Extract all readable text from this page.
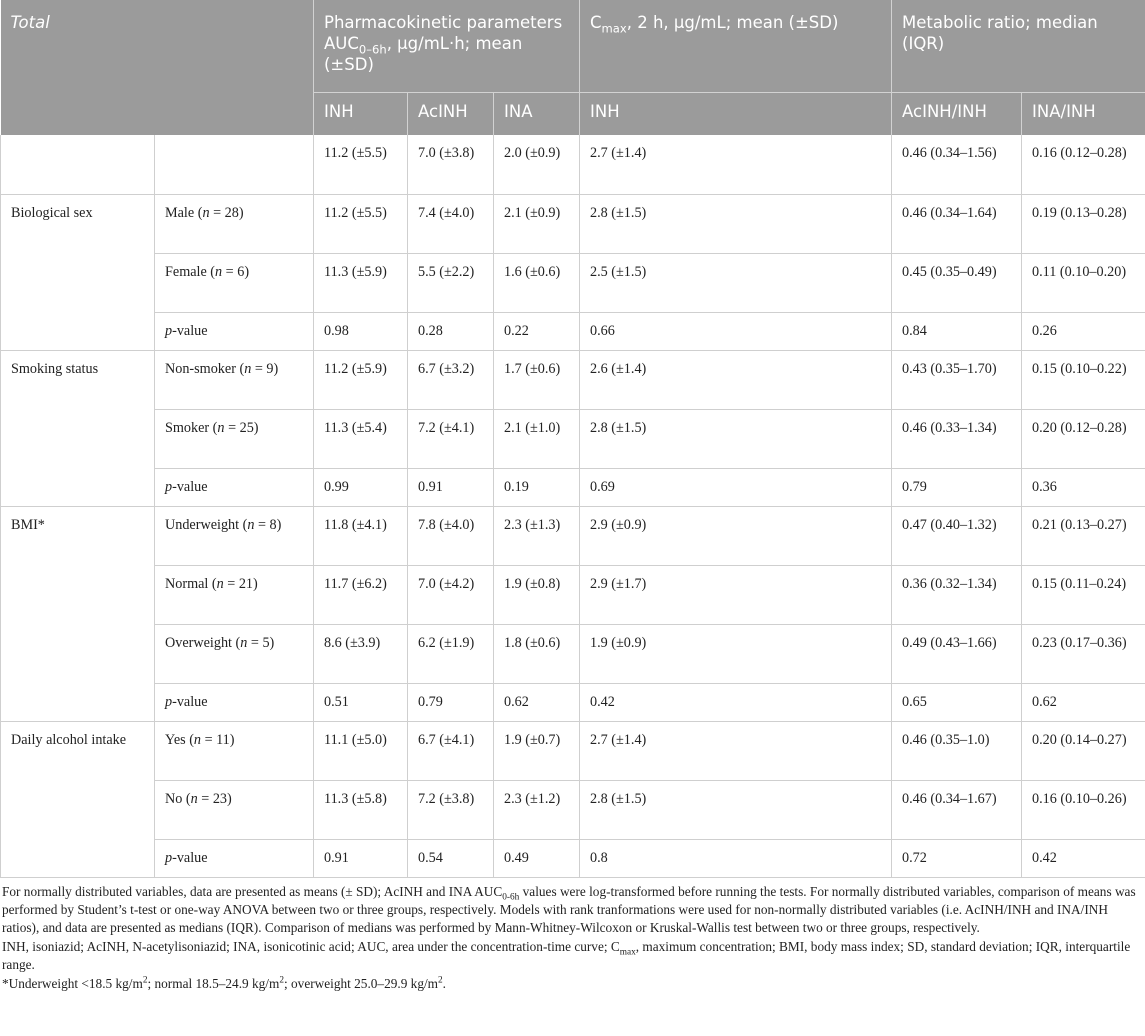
Total		Pharmacokinetic parameters $AUC_{0-6h}$, µg/mL·h; mean (±SD)			$C_{max}$, 2 h, µg/mL; mean (±SD)	Metabolic ratio; median (IQR)	
		INH	AcINH	INA	INH	AcINH/INH	INA/INH
		11.2 (±5.5)	7.0 (±3.8)	2.0 (±0.9)	2.7 (±1.4)	0.46 (0.34–1.56)	0.16 (0.12–0.28)
Biological sex	Male (n = 28)	11.2 (±5.5)	7.4 (±4.0)	2.1 (±0.9)	2.8 (±1.5)	0.46 (0.34–1.64)	0.19 (0.13–0.28)
	Female (n = 6)	11.3 (±5.9)	5.5 (±2.2)	1.6 (±0.6)	2.5 (±1.5)	0.45 (0.35–0.49)	0.11 (0.10–0.20)
	p-value	0.98	0.28	0.22	0.66	0.84	0.26
Smoking status	Non-smoker (n = 9)	11.2 (±5.9)	6.7 (±3.2)	1.7 (±0.6)	2.6 (±1.4)	0.43 (0.35–1.70)	0.15 (0.10–0.22)
	Smoker (n = 25)	11.3 (±5.4)	7.2 (±4.1)	2.1 (±1.0)	2.8 (±1.5)	0.46 (0.33–1.34)	0.20 (0.12–0.28)
	p-value	0.99	0.91	0.19	0.69	0.79	0.36
BMI*	Underweight (n = 8)	11.8 (±4.1)	7.8 (±4.0)	2.3 (±1.3)	2.9 (±0.9)	0.47 (0.40–1.32)	0.21 (0.13–0.27)
	Normal (n = 21)	11.7 (±6.2)	7.0 (±4.2)	1.9 (±0.8)	2.9 (±1.7)	0.36 (0.32–1.34)	0.15 (0.11–0.24)
	Overweight (n = 5)	8.6 (±3.9)	6.2 (±1.9)	1.8 (±0.6)	1.9 (±0.9)	0.49 (0.43–1.66)	0.23 (0.17–0.36)
	p-value	0.51	0.79	0.62	0.42	0.65	0.62
Daily alcohol intake	Yes (n = 11)	11.1 (±5.0)	6.7 (±4.1)	1.9 (±0.7)	2.7 (±1.4)	0.46 (0.35–1.0)	0.20 (0.14–0.27)
	No (n = 23)	11.3 (±5.8)	7.2 (±3.8)	2.3 (±1.2)	2.8 (±1.5)	0.46 (0.34–1.67)	0.16 (0.10–0.26)
	p-value	0.91	0.54	0.49	0.8	0.72	0.42

For normally distributed variables, data are presented as means (± SD); AcINH and INA $AUC_{0-6h}$ values were log-transformed before running the tests. For normally distributed variables, comparison of means was performed by Student’s t-test or one-way ANOVA between two or three groups, respectively. Models with rank tranformations were used for non-normally distributed variables (i.e. AcINH/INH and INA/INH ratios), and data are presented as medians (IQR). Comparison of medians was performed by Mann-Whitney-Wilcoxon or Kruskal-Wallis test between two or three groups, respectively.

INH, isoniazid; AcINH, N-acetylisoniazid; INA, isonicotinic acid; AUC, area under the concentration-time curve; $C_{max}$, maximum concentration; BMI, body mass index; SD, standard deviation; IQR, interquartile range.

*Underweight <18.5 $kg/m^2$; normal 18.5–24.9 $kg/m^2$; overweight 25.0–29.9 $kg/m^2$.
